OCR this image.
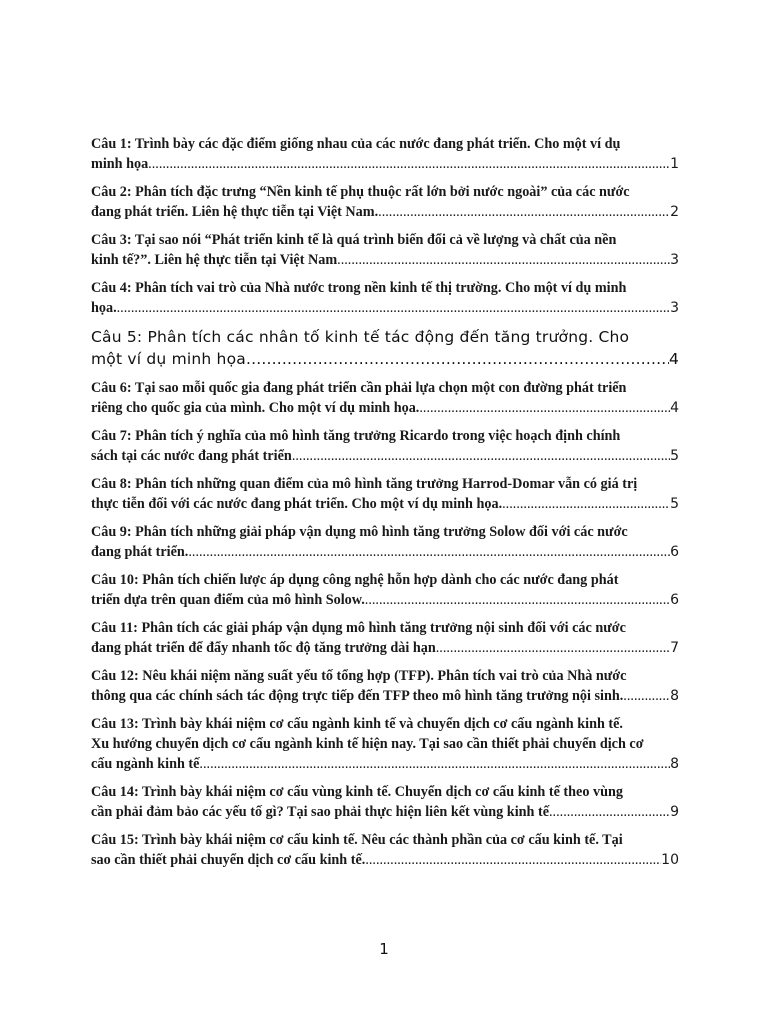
Câu 1: Trình bày các đặc điểm giống nhau của các nước đang phát triển. Cho một ví dụ
minh họa .....	1
Câu 2: Phân tích đặc trưng “Nền kinh tế phụ thuộc rất lớn bởi nước ngoài” của các nước
đang phát triển. Liên hệ thực tiễn tại Việt Nam. .....	2
Câu 3: Tại sao nói “Phát triển kinh tế là quá trình biến đổi cả về lượng và chất của nền
kinh tế?”. Liên hệ thực tiễn tại Việt Nam .....	3
Câu 4: Phân tích vai trò của Nhà nước trong nền kinh tế thị trường. Cho một ví dụ minh
họa. .....	3
Câu 5: Phân tích các nhân tố kinh tế tác động đến tăng trưởng. Cho
một ví dụ minh họa. .....	4
Câu 6: Tại sao mỗi quốc gia đang phát triển cần phải lựa chọn một con đường phát triển
riêng cho quốc gia của mình. Cho một ví dụ minh họa. .....	4
Câu 7: Phân tích ý nghĩa của mô hình tăng trưởng Ricardo trong việc hoạch định chính
sách tại các nước đang phát triển .....	5
Câu 8: Phân tích những quan điểm của mô hình tăng trưởng Harrod-Domar vẫn có giá trị
thực tiễn đối với các nước đang phát triển. Cho một ví dụ minh họa. .....	5
Câu 9: Phân tích những giải pháp vận dụng mô hình tăng trưởng Solow đối với các nước
đang phát triển. .....	6
Câu 10: Phân tích chiến lược áp dụng công nghệ hỗn hợp dành cho các nước đang phát
triển dựa trên quan điểm của mô hình Solow. .....	6
Câu 11: Phân tích các giải pháp vận dụng mô hình tăng trưởng nội sinh đối với các nước
đang phát triển để đẩy nhanh tốc độ tăng trưởng dài hạn .....	7
Câu 12: Nêu khái niệm năng suất yếu tố tổng hợp (TFP). Phân tích vai trò của Nhà nước
thông qua các chính sách tác động trực tiếp đến TFP theo mô hình tăng trưởng nội sinh. .....	8
Câu 13: Trình bày khái niệm cơ cấu ngành kinh tế và chuyển dịch cơ cấu ngành kinh tế.
Xu hướng chuyển dịch cơ cấu ngành kinh tế hiện nay. Tại sao cần thiết phải chuyển dịch cơ
cấu ngành kinh tế .....	8
Câu 14: Trình bày khái niệm cơ cấu vùng kinh tế. Chuyển dịch cơ cấu kinh tế theo vùng
cần phải đảm bảo các yếu tố gì? Tại sao phải thực hiện liên kết vùng kinh tế .....	9
Câu 15: Trình bày khái niệm cơ cấu kinh tế. Nêu các thành phần của cơ cấu kinh tế. Tại
sao cần thiết phải chuyển dịch cơ cấu kinh tế. .....	10
1
